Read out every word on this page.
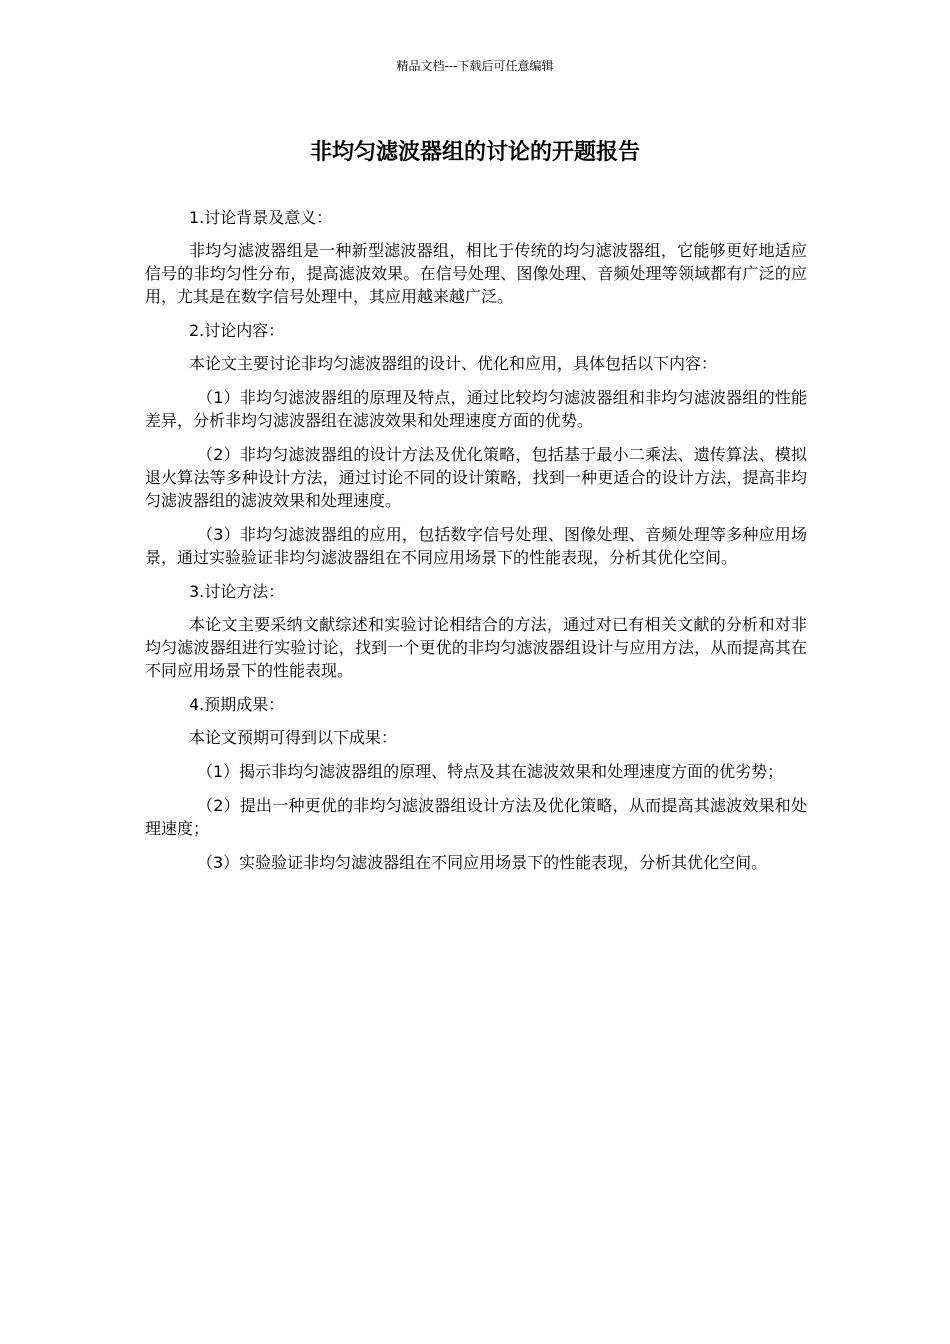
精品文档---下载后可任意编辑
非均匀滤波器组的讨论的开题报告

1.讨论背景及意义：

非均匀滤波器组是一种新型滤波器组，相比于传统的均匀滤波器组，它能够更好地适应信号的非均匀性分布，提高滤波效果。在信号处理、图像处理、音频处理等领域都有广泛的应用，尤其是在数字信号处理中，其应用越来越广泛。

2.讨论内容：

本论文主要讨论非均匀滤波器组的设计、优化和应用，具体包括以下内容：

（1）非均匀滤波器组的原理及特点，通过比较均匀滤波器组和非均匀滤波器组的性能差异，分析非均匀滤波器组在滤波效果和处理速度方面的优势。

（2）非均匀滤波器组的设计方法及优化策略，包括基于最小二乘法、遗传算法、模拟退火算法等多种设计方法，通过讨论不同的设计策略，找到一种更适合的设计方法，提高非均匀滤波器组的滤波效果和处理速度。

（3）非均匀滤波器组的应用，包括数字信号处理、图像处理、音频处理等多种应用场景，通过实验验证非均匀滤波器组在不同应用场景下的性能表现，分析其优化空间。

3.讨论方法：

本论文主要采纳文献综述和实验讨论相结合的方法，通过对已有相关文献的分析和对非均匀滤波器组进行实验讨论，找到一个更优的非均匀滤波器组设计与应用方法，从而提高其在不同应用场景下的性能表现。

4.预期成果：

本论文预期可得到以下成果：

（1）揭示非均匀滤波器组的原理、特点及其在滤波效果和处理速度方面的优劣势；

（2）提出一种更优的非均匀滤波器组设计方法及优化策略，从而提高其滤波效果和处理速度；

（3）实验验证非均匀滤波器组在不同应用场景下的性能表现，分析其优化空间。
